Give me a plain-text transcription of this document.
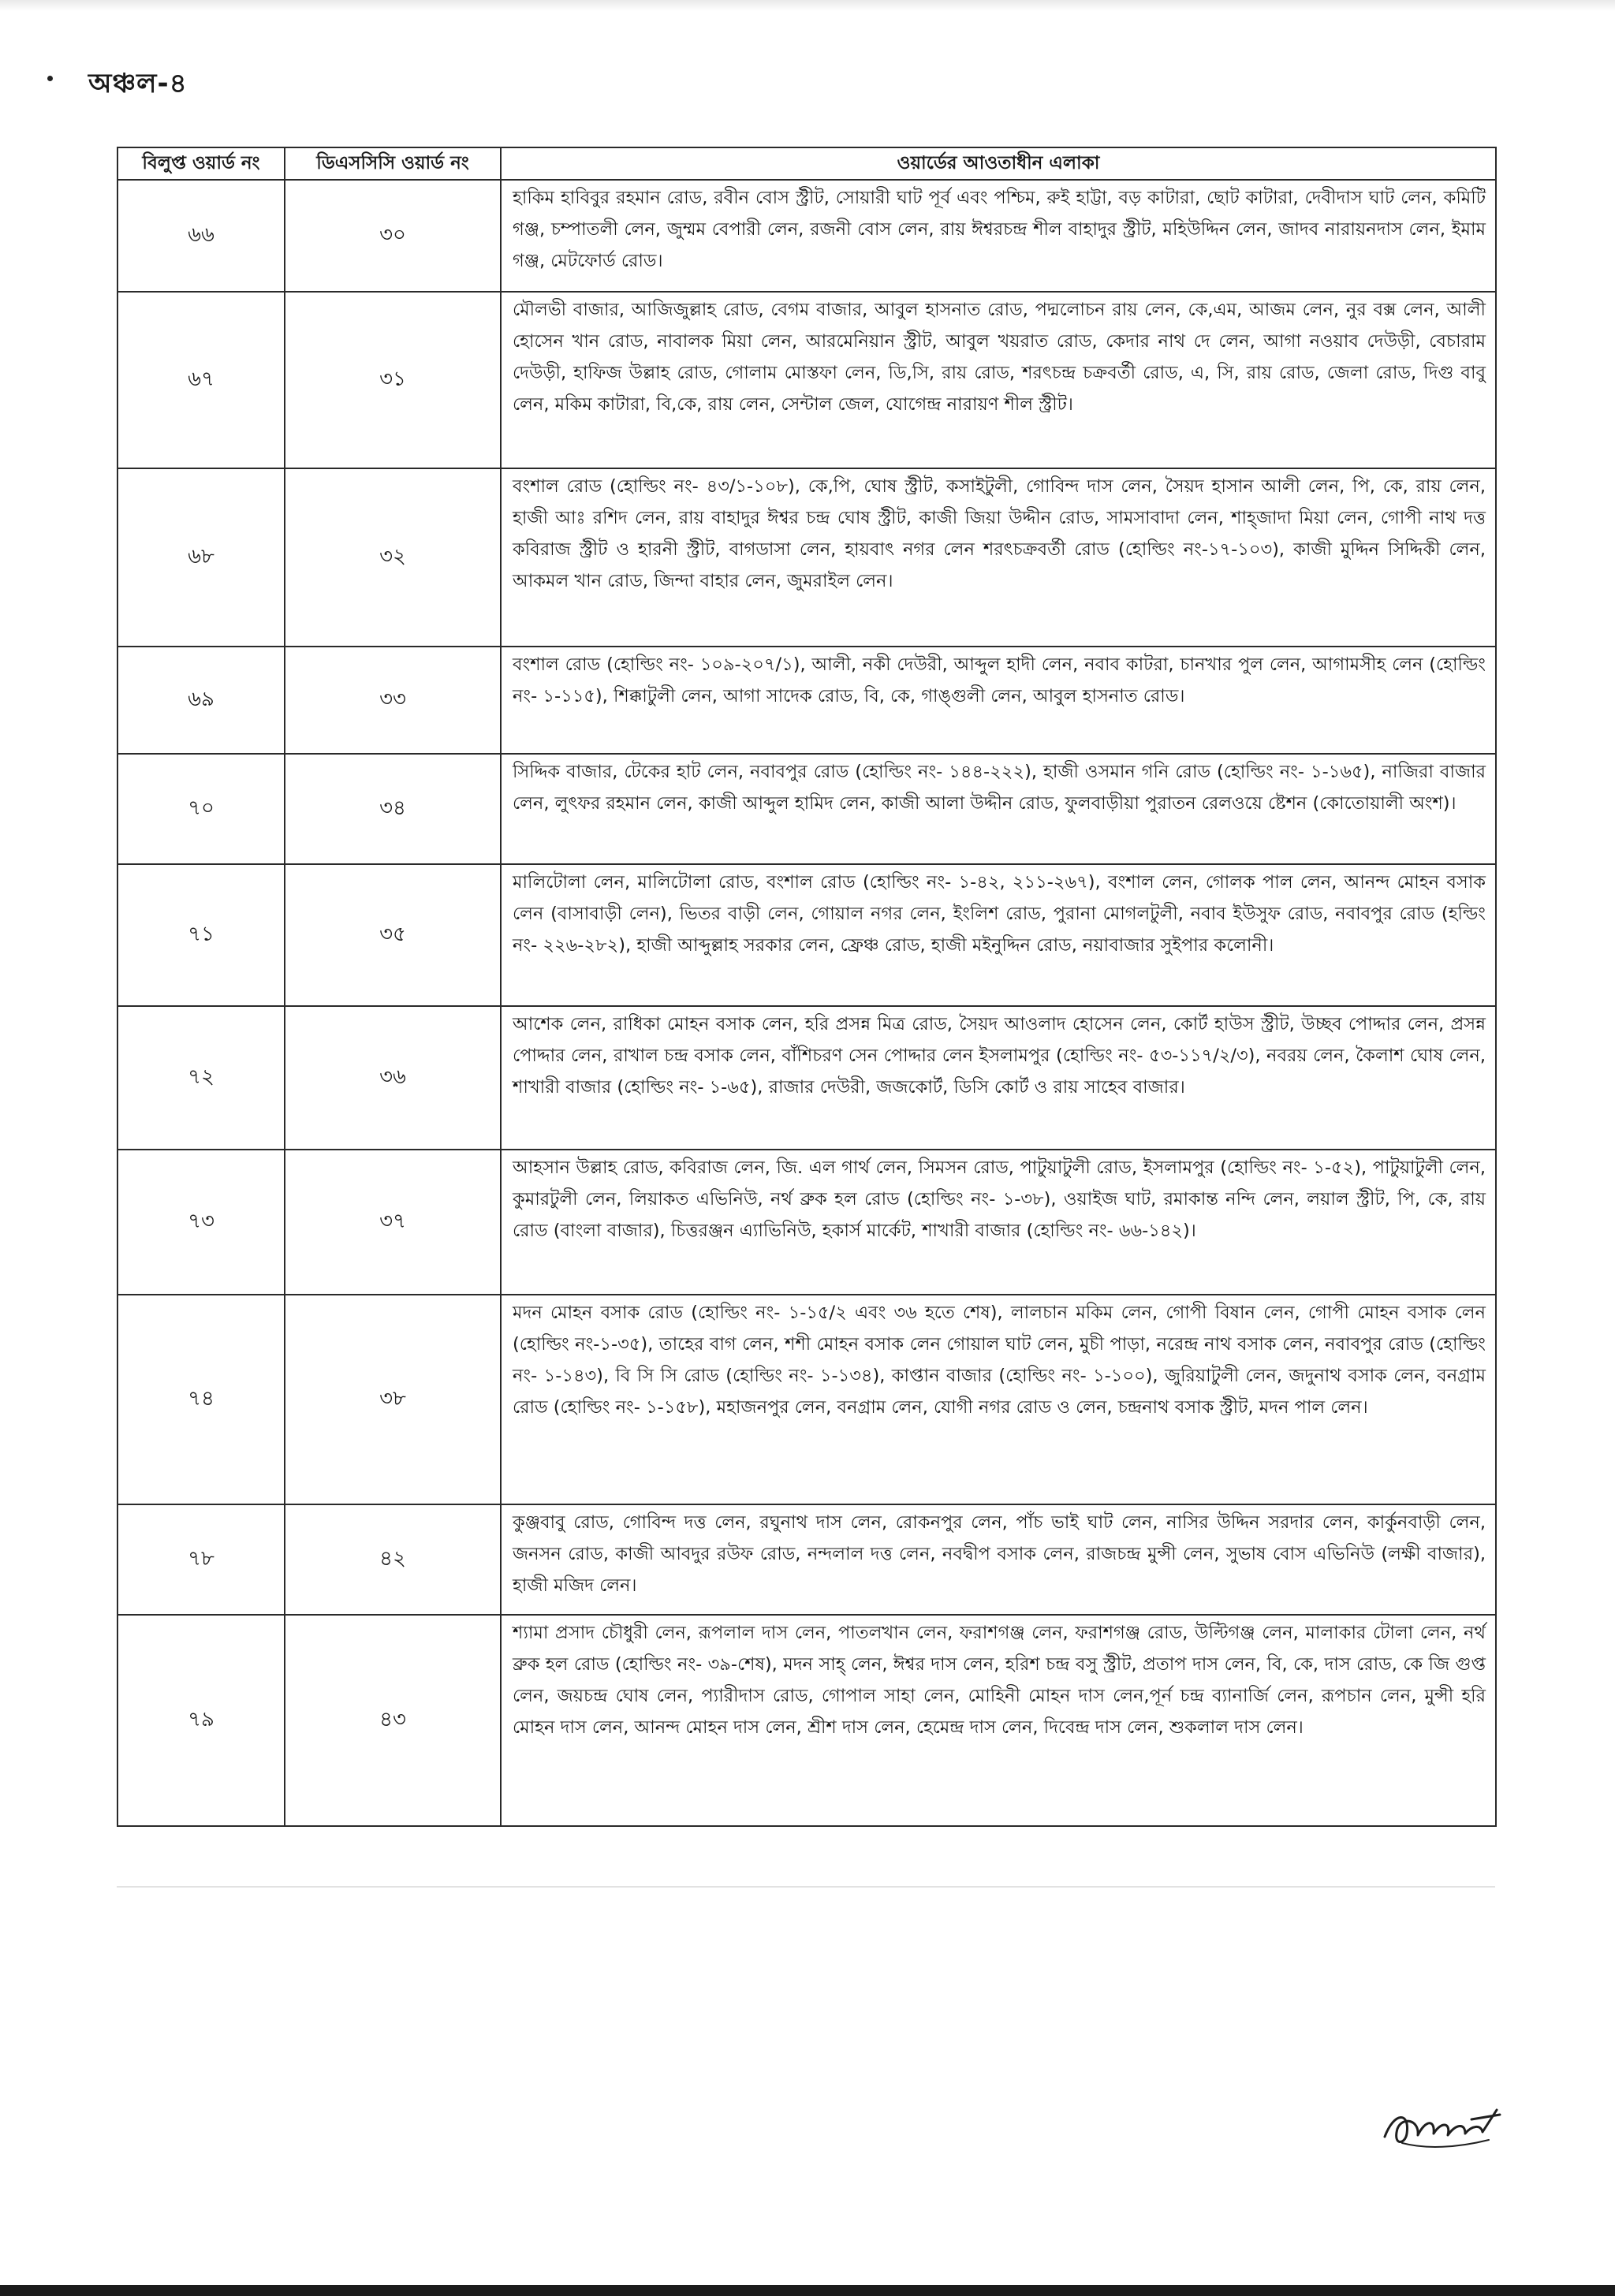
অঞ্চল-৪
বিলুপ্ত ওয়ার্ড নং	ডিএসসিসি ওয়ার্ড নং	ওয়ার্ডের আওতাধীন এলাকা
৬৬	৩০	হাকিম হাবিবুর রহমান রোড, রবীন বোস স্ট্রীট, সোয়ারী ঘাট পূর্ব এবং পশ্চিম, রুই হাট্টা, বড় কাটারা, ছোট কাটারা, দেবীদাস ঘাট লেন, কমিটি গঞ্জ, চম্পাতলী লেন, জুম্মম বেপারী লেন, রজনী বোস লেন, রায় ঈশ্বরচন্দ্র শীল বাহাদুর স্ট্রীট, মহিউদ্দিন লেন, জাদব নারায়নদাস লেন, ইমাম গঞ্জ, মেটফোর্ড রোড।
৬৭	৩১	মৌলভী বাজার, আজিজুল্লাহ রোড, বেগম বাজার, আবুল হাসনাত রোড, পদ্মলোচন রায় লেন, কে,এম, আজম লেন, নুর বক্স লেন, আলী হোসেন খান রোড, নাবালক মিয়া লেন, আরমেনিয়ান স্ট্রীট, আবুল খয়রাত রোড, কেদার নাথ দে লেন, আগা নওয়াব দেউড়ী, বেচারাম দেউড়ী, হাফিজ উল্লাহ রোড, গোলাম মোস্তফা লেন, ডি,সি, রায় রোড, শরৎচন্দ্র চক্রবর্তী রোড, এ, সি, রায় রোড, জেলা রোড, দিগু বাবু লেন, মকিম কাটারা, বি,কে, রায় লেন, সেন্টাল জেল, যোগেন্দ্র নারায়ণ শীল স্ট্রীট।
৬৮	৩২	বংশাল রোড (হোল্ডিং নং- ৪৩/১-১০৮), কে,পি, ঘোষ স্ট্রীট, কসাইটুলী, গোবিন্দ দাস লেন, সৈয়দ হাসান আলী লেন, পি, কে, রায় লেন, হাজী আঃ রশিদ লেন, রায় বাহাদুর ঈশ্বর চন্দ্র ঘোষ স্ট্রীট, কাজী জিয়া উদ্দীন রোড, সামসাবাদা লেন, শাহ্‌জাদা মিয়া লেন, গোপী নাথ দত্ত কবিরাজ স্ট্রীট ও হারনী স্ট্রীট, বাগডাসা লেন, হায়বাৎ নগর লেন শরৎচক্রবর্তী রোড (হোল্ডিং নং-১৭-১০৩), কাজী মুদ্দিন সিদ্দিকী লেন, আকমল খান রোড, জিন্দা বাহার লেন, জুমরাইল লেন।
৬৯	৩৩	বংশাল রোড (হোল্ডিং নং- ১০৯-২০৭/১), আলী, নকী দেউরী, আব্দুল হাদী লেন, নবাব কাটরা, চানখার পুল লেন, আগামসীহ লেন (হোল্ডিং নং- ১-১১৫), শিক্কাটুলী লেন, আগা সাদেক রোড, বি, কে, গাঙ্গুলী লেন, আবুল হাসনাত রোড।
৭০	৩৪	সিদ্দিক বাজার, টেকের হাট লেন, নবাবপুর রোড (হোল্ডিং নং- ১৪৪-২২২), হাজী ওসমান গনি রোড (হোল্ডিং নং- ১-১৬৫), নাজিরা বাজার লেন, লুৎফর রহমান লেন, কাজী আব্দুল হামিদ লেন, কাজী আলা উদ্দীন রোড, ফুলবাড়ীয়া পুরাতন রেলওয়ে ষ্টেশন (কোতোয়ালী অংশ)।
৭১	৩৫	মালিটোলা লেন, মালিটোলা রোড, বংশাল রোড (হোল্ডিং নং- ১-৪২, ২১১-২৬৭), বংশাল লেন, গোলক পাল লেন, আনন্দ মোহন বসাক লেন (বাসাবাড়ী লেন), ভিতর বাড়ী লেন, গোয়াল নগর লেন, ইংলিশ রোড, পুরানা মোগলটুলী, নবাব ইউসুফ রোড, নবাবপুর রোড (হল্ডিং নং- ২২৬-২৮২), হাজী আব্দুল্লাহ সরকার লেন, ফ্রেঞ্চ রোড, হাজী মইনুদ্দিন রোড, নয়াবাজার সুইপার কলোনী।
৭২	৩৬	আশেক লেন, রাধিকা মোহন বসাক লেন, হরি প্রসন্ন মিত্র রোড, সৈয়দ আওলাদ হোসেন লেন, কোর্ট হাউস স্ট্রীট, উচ্ছব পোদ্দার লেন, প্রসন্ন পোদ্দার লেন, রাখাল চন্দ্র বসাক লেন, বাঁশিচরণ সেন পোদ্দার লেন ইসলামপুর (হোল্ডিং নং- ৫৩-১১৭/২/৩), নবরয় লেন, কৈলাশ ঘোষ লেন, শাখারী বাজার (হোল্ডিং নং- ১-৬৫), রাজার দেউরী, জজকোর্ট, ডিসি কোর্ট ও রায় সাহেব বাজার।
৭৩	৩৭	আহসান উল্লাহ রোড, কবিরাজ লেন, জি. এল গার্থ লেন, সিমসন রোড, পাটুয়াটুলী রোড, ইসলামপুর (হোল্ডিং নং- ১-৫২), পাটুয়াটুলী লেন, কুমারটুলী লেন, লিয়াকত এভিনিউ, নর্থ ব্রুক হল রোড (হোল্ডিং নং- ১-৩৮), ওয়াইজ ঘাট, রমাকান্ত নন্দি লেন, লয়াল স্ট্রীট, পি, কে, রায় রোড (বাংলা বাজার), চিত্তরঞ্জন এ্যাভিনিউ, হকার্স মার্কেট, শাখারী বাজার (হোল্ডিং নং- ৬৬-১৪২)।
৭৪	৩৮	মদন মোহন বসাক রোড (হোল্ডিং নং- ১-১৫/২ এবং ৩৬ হতে শেষ), লালচান মকিম লেন, গোপী বিষান লেন, গোপী মোহন বসাক লেন (হোল্ডিং নং-১-৩৫), তাহের বাগ লেন, শশী মোহন বসাক লেন গোয়াল ঘাট লেন, মুচী পাড়া, নরেন্দ্র নাথ বসাক লেন, নবাবপুর রোড (হোল্ডিং নং- ১-১৪৩), বি সি সি রোড (হোল্ডিং নং- ১-১৩৪), কাপ্তান বাজার (হোল্ডিং নং- ১-১০০), জুরিয়াটুলী লেন, জদুনাথ বসাক লেন, বনগ্রাম রোড (হোল্ডিং নং- ১-১৫৮), মহাজনপুর লেন, বনগ্রাম লেন, যোগী নগর রোড ও লেন, চন্দ্রনাথ বসাক স্ট্রীট, মদন পাল লেন।
৭৮	৪২	কুঞ্জবাবু রোড, গোবিন্দ দত্ত লেন, রঘুনাথ দাস লেন, রোকনপুর লেন, পাঁচ ভাই ঘাট লেন, নাসির উদ্দিন সরদার লেন, কার্কুনবাড়ী লেন, জনসন রোড, কাজী আবদুর রউফ রোড, নন্দলাল দত্ত লেন, নবদ্বীপ বসাক লেন, রাজচন্দ্র মুন্সী লেন, সুভাষ বোস এভিনিউ (লক্ষী বাজার), হাজী মজিদ লেন।
৭৯	৪৩	শ্যামা প্রসাদ চৌধুরী লেন, রূপলাল দাস লেন, পাতলখান লেন, ফরাশগঞ্জ লেন, ফরাশগঞ্জ রোড, উল্টিগঞ্জ লেন, মালাকার টোলা লেন, নর্থ ব্রুক হল রোড (হোল্ডিং নং- ৩৯-শেষ), মদন সাহ্ লেন, ঈশ্বর দাস লেন, হরিশ চন্দ্র বসু স্ট্রীট, প্রতাপ দাস লেন, বি, কে, দাস রোড, কে জি গুপ্ত লেন, জয়চন্দ্র ঘোষ লেন, প্যারীদাস রোড, গোপাল সাহা লেন, মোহিনী মোহন দাস লেন,পূর্ন চন্দ্র ব্যানার্জি লেন, রূপচান লেন, মুন্সী হরি মোহন দাস লেন, আনন্দ মোহন দাস লেন, শ্রীশ দাস লেন, হেমেন্দ্র দাস লেন, দিবেন্দ্র দাস লেন, শুকলাল দাস লেন।
